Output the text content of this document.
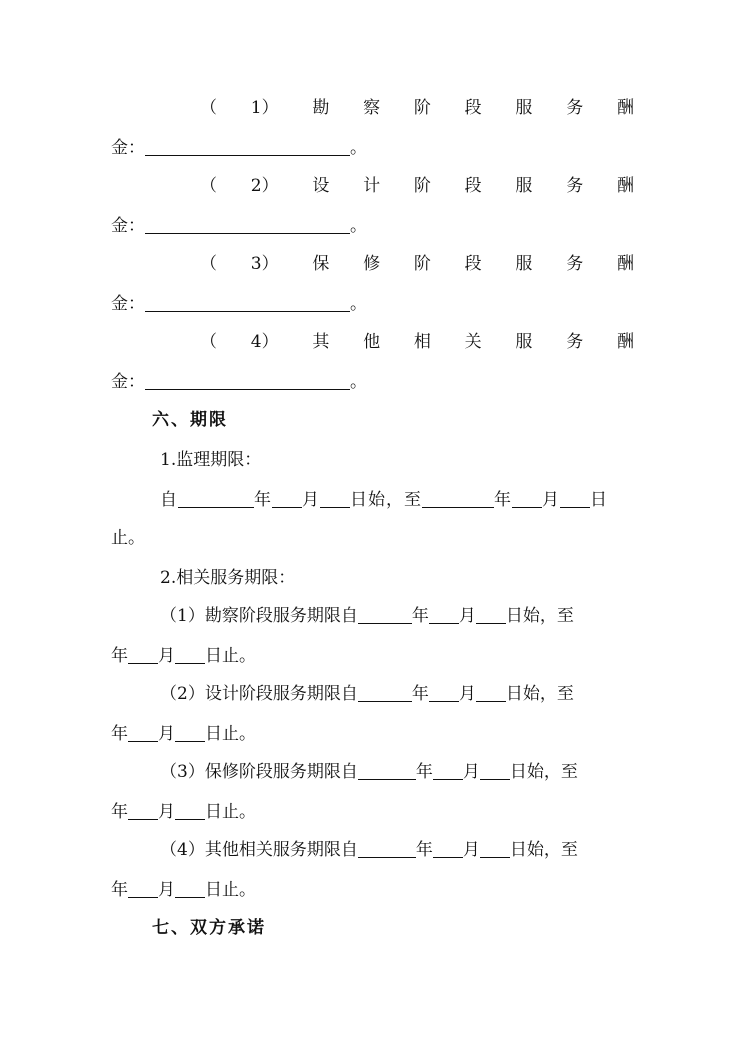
（ 1） 勘 察 阶 段 服 务 酬
金：	。
（ 2） 设 计 阶 段 服 务 酬
金：	。
（ 3） 保 修 阶 段 服 务 酬
金：	。
（ 4） 其 他 相 关 服 务 酬
金：	。
六、期限
1.监理期限：
自	年 月 日始，至	年 月 日
止。
2.相关服务期限：
（1）勘察阶段服务期限自	年 月 日始，至
年 月 日止。
（2）设计阶段服务期限自	年 月 日始，至
年 月 日止。
（3）保修阶段服务期限自	年 月 日始，至
年 月 日止。
（4）其他相关服务期限自	年 月 日始，至
年 月 日止。
七、双方承诺
